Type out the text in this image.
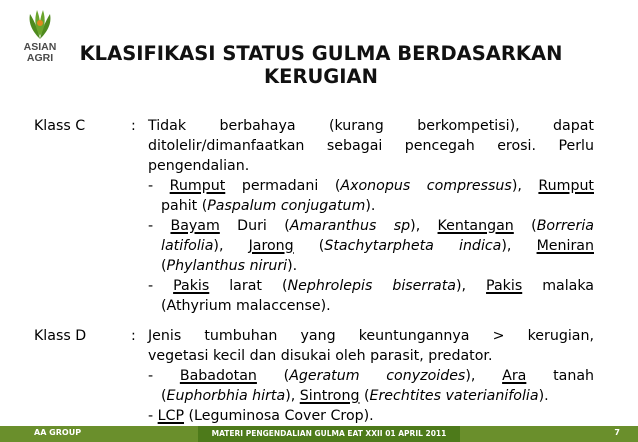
ASIAN
AGRI	KLASIFIKASI STATUS GULMA BERDASARKAN
KERUGIAN
Klass C	: Tidak berbahaya (kurang berkompetisi), dapat

ditolelir/dimanfaatkan sebagai pencegah erosi. Perlu

pengendalian.

- Rumput permadani (Axonopus compressus), Rumput

pahit (Paspalum conjugatum).

- Bayam Duri (Amaranthus sp), Kentangan (Borreria

latifolia), Jarong (Stachytarpheta indica), Meniran

(Phylanthus niruri).

- Pakis larat (Nephrolepis biserrata), Pakis malaka

(Athyrium malaccense).

Klass D	: Jenis tumbuhan yang keuntungannya > kerugian,

vegetasi kecil dan disukai oleh parasit, predator.

- Babadotan (Ageratum conyzoides), Ara tanah

(Euphorbhia hirta), Sintrong (Erechtites vaterianifolia).

- LCP (Leguminosa Cover Crop).

AA GROUP	MATERI PENGENDALIAN GULMA EAT XXII 01 APRIL 2011	7
